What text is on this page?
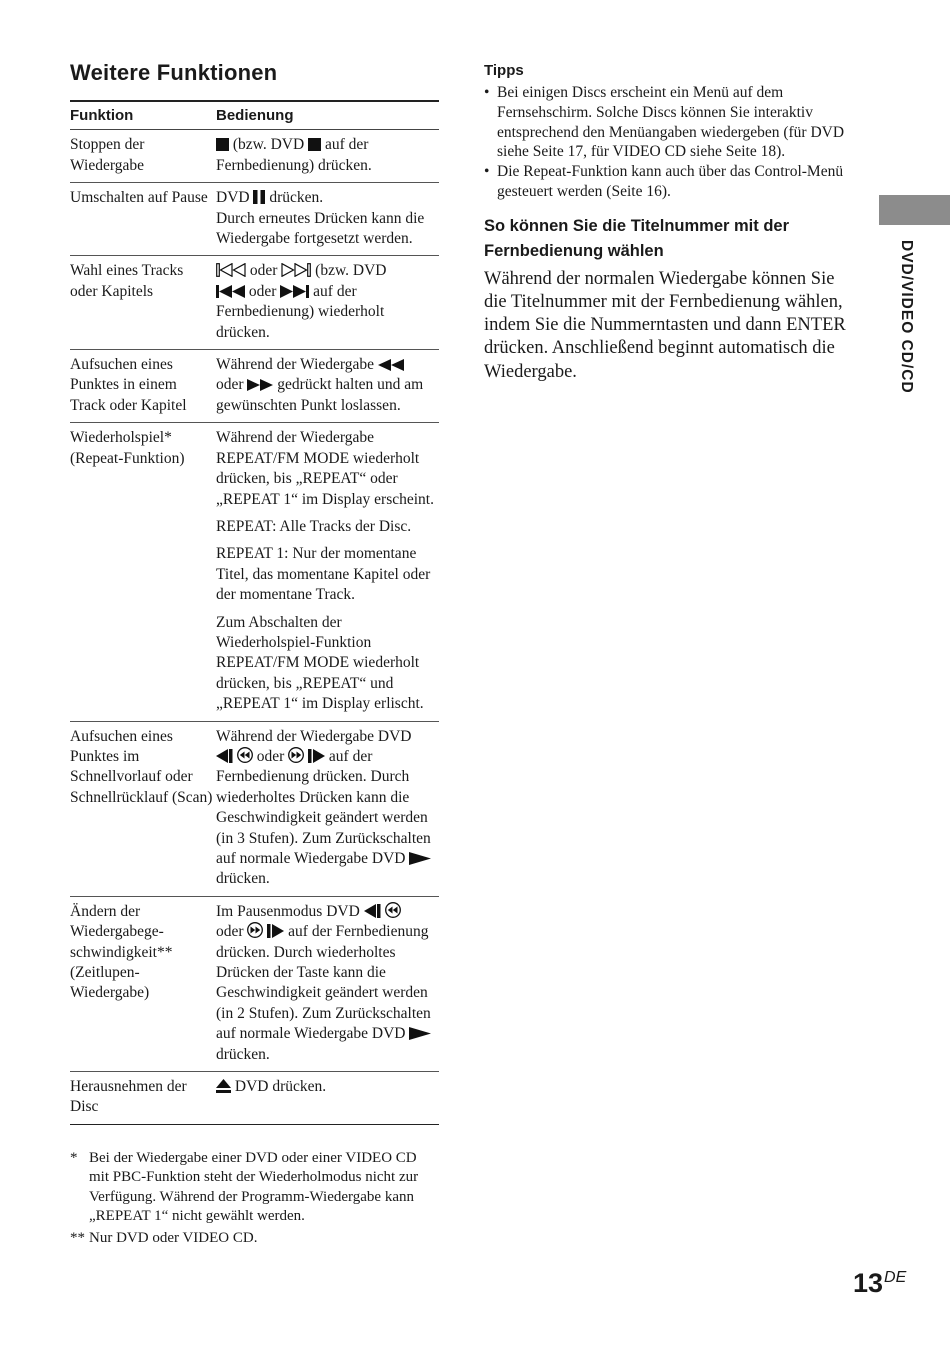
DVD/VIDEO CD/CD
Weitere Funktionen
Funktion	Bedienung
Stoppen der Wiedergabe	(bzw. DVD  auf der Fernbedienung) drücken.
Umschalten auf Pause	DVD  drücken.
Durch erneutes Drücken kann die Wiedergabe fortgesetzt werden.
Wahl eines Tracks oder Kapitels	oder  (bzw. DVD
oder  auf der Fernbedienung) wiederholt drücken.
Aufsuchen eines Punktes in einem Track oder Kapitel	Während der Wiedergabe
oder  gedrückt halten und am gewünschten Punkt loslassen.
Wiederholspiel* (Repeat-Funktion)	Während der Wiedergabe REPEAT/FM MODE wiederholt drücken, bis „REPEAT“ oder „REPEAT 1“ im Display erscheint.

REPEAT: Alle Tracks der Disc.

REPEAT 1: Nur der momentane Titel, das momentane Kapitel oder der momentane Track.

Zum Abschalten der Wiederholspiel-Funktion REPEAT/FM MODE wiederholt drücken, bis „REPEAT“ und „REPEAT 1“ im Display erlischt.

Aufsuchen eines Punktes im Schnellvorlauf oder Schnellrücklauf (Scan)	Während der Wiedergabe DVD
oder   auf der Fernbedienung drücken. Durch wiederholtes Drücken kann die Geschwindigkeit geändert werden (in 3 Stufen). Zum Zurückschalten auf normale Wiedergabe DVD  drücken.
Ändern der Wiedergabege-schwindigkeit** (Zeitlupen-Wiedergabe)	Im Pausenmodus DVD
oder   auf der Fernbedienung drücken. Durch wiederholtes Drücken der Taste kann die Geschwindigkeit geändert werden (in 2 Stufen). Zum Zurückschalten auf normale Wiedergabe DVD  drücken.
Herausnehmen der Disc	DVD drücken.
* Bei der Wiedergabe einer DVD oder einer VIDEO CD mit PBC-Funktion steht der Wiederholmodus nicht zur Verfügung. Während der Programm-Wiedergabe kann „REPEAT 1“ nicht gewählt werden.
** Nur DVD oder VIDEO CD.
Tipps
• Bei einigen Discs erscheint ein Menü auf dem Fernsehschirm. Solche Discs können Sie interaktiv entsprechend den Menüangaben wiedergeben (für DVD siehe Seite 17, für VIDEO CD siehe Seite 18).
• Die Repeat-Funktion kann auch über das Control-Menü gesteuert werden (Seite 16).
So können Sie die Titelnummer mit der Fernbedienung wählen

Während der normalen Wiedergabe können Sie die Titelnummer mit der Fernbedienung wählen, indem Sie die Nummerntasten und dann ENTER drücken. Anschließend beginnt automatisch die Wiedergabe.

13DE
